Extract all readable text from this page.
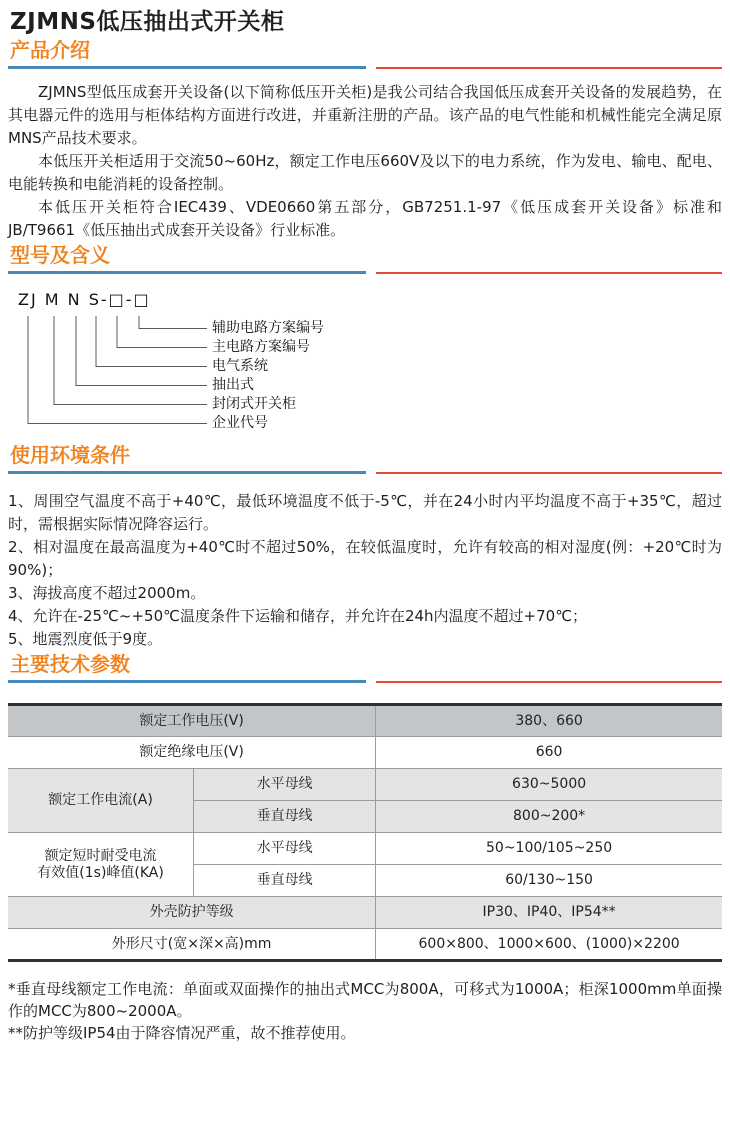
ZJMNS低压抽出式开关柜
产品介绍

ZJMNS型低压成套开关设备(以下简称低压开关柜)是我公司结合我国低压成套开关设备的发展趋势，在其电器元件的选用与柜体结构方面进行改进，并重新注册的产品。该产品的电气性能和机械性能完全满足原MNS产品技术要求。

本低压开关柜适用于交流50~60Hz，额定工作电压660V及以下的电力系统，作为发电、输电、配电、电能转换和电能消耗的设备控制。

本低压开关柜符合IEC439、VDE0660第五部分，GB7251.1-97《低压成套开关设备》标准和JB/T9661《低压抽出式成套开关设备》行业标准。

型号及含义
ZJ M N S-□-□
辅助电路方案编号
主电路方案编号
电气系统
抽出式
封闭式开关柜
企业代号
使用环境条件

1、周围空气温度不高于+40℃，最低环境温度不低于-5℃，并在24小时内平均温度不高于+35℃，超过时，需根据实际情况降容运行。

2、相对温度在最高温度为+40℃时不超过50%，在较低温度时，允许有较高的相对湿度(例：+20℃时为90%)；

3、海拔高度不超过2000m。

4、允许在-25℃~+50℃温度条件下运输和储存，并允许在24h内温度不超过+70℃；

5、地震烈度低于9度。

主要技术参数
额定工作电压(V)		380、660
额定绝缘电压(V)		660
额定工作电流(A)	水平母线	630~5000
	垂直母线	800~200*

额定短时耐受电流
有效值(1s)峰值(KA)	水平母线	50~100/105~250
	垂直母线	60/130~150
外壳防护等级		IP30、IP40、IP54**
外形尺寸(宽×深×高)mm		600×800、1000×600、(1000)×2200

*垂直母线额定工作电流：单面或双面操作的抽出式MCC为800A，可移式为1000A；柜深1000mm单面操作的MCC为800~2000A。

**防护等级IP54由于降容情况严重，故不推荐使用。
